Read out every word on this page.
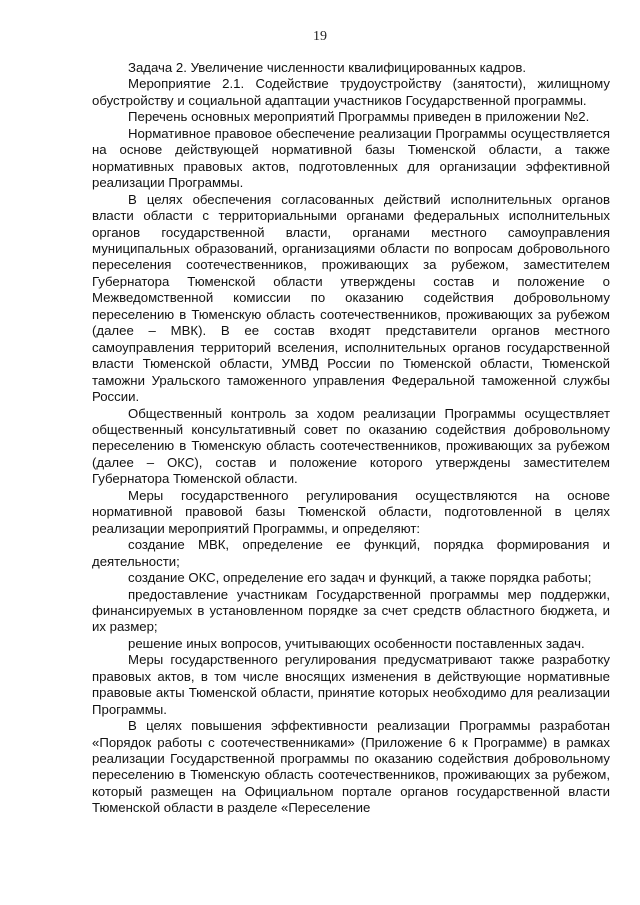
19

Задача 2. Увеличение численности квалифицированных кадров.

Мероприятие 2.1. Содействие трудоустройству (занятости), жилищному обустройству и социальной адаптации участников Государственной программы.

Перечень основных мероприятий Программы приведен в приложении №2.

Нормативное правовое обеспечение реализации Программы осуществляется на основе действующей нормативной базы Тюменской области, а также нормативных правовых актов, подготовленных для организации эффективной реализации Программы.

В целях обеспечения согласованных действий исполнительных органов власти области с территориальными органами федеральных исполнительных органов государственной власти, органами местного самоуправления муниципальных образований, организациями области по вопросам добровольного переселения соотечественников, проживающих за рубежом, заместителем Губернатора Тюменской области утверждены состав и положение о Межведомственной комиссии по оказанию содействия добровольному переселению в Тюменскую область соотечественников, проживающих за рубежом (далее – МВК). В ее состав входят представители органов местного самоуправления территорий вселения, исполнительных органов государственной власти Тюменской области, УМВД России по Тюменской области, Тюменской таможни Уральского таможенного управления Федеральной таможенной службы России.

Общественный контроль за ходом реализации Программы осуществляет общественный консультативный совет по оказанию содействия добровольному переселению в Тюменскую область соотечественников, проживающих за рубежом (далее – ОКС), состав и положение которого утверждены заместителем Губернатора Тюменской области.

Меры государственного регулирования осуществляются на основе нормативной правовой базы Тюменской области, подготовленной в целях реализации мероприятий Программы, и определяют:

создание МВК, определение ее функций, порядка формирования и деятельности;

создание ОКС, определение его задач и функций, а также порядка работы;

предоставление участникам Государственной программы мер поддержки, финансируемых в установленном порядке за счет средств областного бюджета, и их размер;

решение иных вопросов, учитывающих особенности поставленных задач.

Меры государственного регулирования предусматривают также разработку правовых актов, в том числе вносящих изменения в действующие нормативные правовые акты Тюменской области, принятие которых необходимо для реализации Программы.

В целях повышения эффективности реализации Программы разработан «Порядок работы с соотечественниками» (Приложение 6 к Программе) в рамках реализации Государственной программы по оказанию содействия добровольному переселению в Тюменскую область соотечественников, проживающих за рубежом, который размещен на Официальном портале органов государственной власти Тюменской области в разделе «Переселение
